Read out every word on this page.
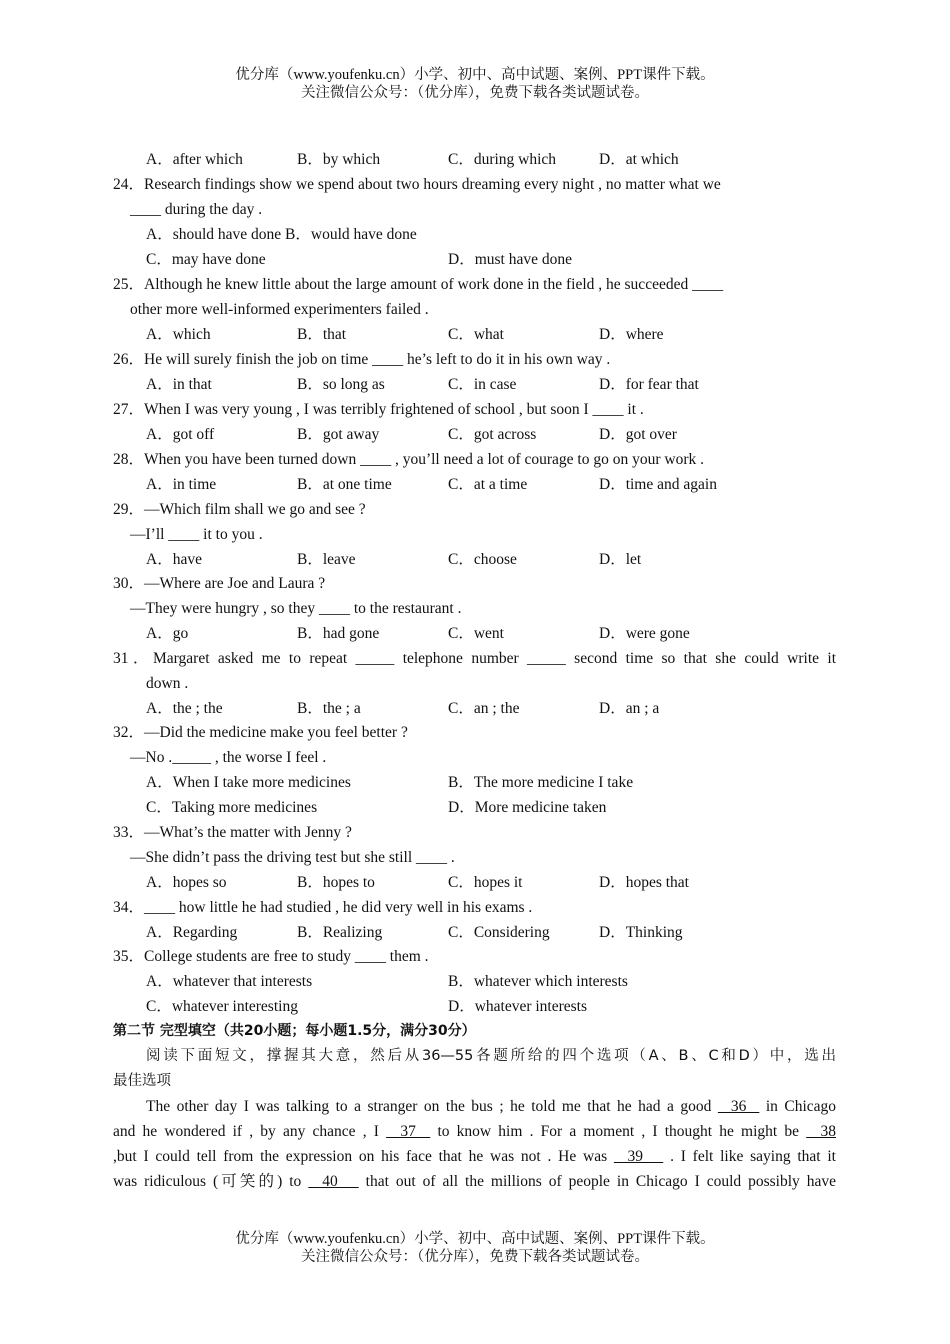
优分库（www.youfenku.cn）小学、初中、高中试题、案例、PPT课件下载。
关注微信公众号：（优分库），免费下载各类试题试卷。
A．after which	B．by which	C．during which	D．at which
24．Research findings show we spend about two hours dreaming every night , no matter what we
____ during the day .
A．should have done B．would have done
C．may have done	D．must have done
25．Although he knew little about the large amount of work done in the field , he succeeded ____
other more well-informed experimenters failed .
A．which	B．that	C．what	D．where
26．He will surely finish the job on time ____ he’s left to do it in his own way .
A．in that	B．so long as	C．in case	D．for fear that
27．When I was very young , I was terribly frightened of school , but soon I ____ it .
A．got off	B．got away	C．got across	D．got over
28．When you have been turned down ____ , you’ll need a lot of courage to go on your work .
A．in time	B．at one time	C．at a time	D．time and again
29．—Which film shall we go and see ?
—I’ll ____ it to you .
A．have	B．leave	C．choose	D．let
30．—Where are Joe and Laura ?
—They were hungry , so they ____ to the restaurant .
A．go	B．had gone	C．went	D．were gone
31．Margaret asked me to repeat _____ telephone number _____ second time so that she could write it
down .
A．the ; the	B．the ; a	C．an ; the	D．an ; a
32．—Did the medicine make you feel better ?
—No ._____ , the worse I feel .
A．When I take more medicines	B．The more medicine I take
C．Taking more medicines	D．More medicine taken
33．—What’s the matter with Jenny ?
—She didn’t pass the driving test but she still ____ .
A．hopes so	B．hopes to	C．hopes it	D．hopes that
34．____ how little he had studied , he did very well in his exams .
A．Regarding	B．Realizing	C．Considering	D．Thinking
35．College students are free to study ____ them .
A．whatever that interests	B．whatever which interests
C．whatever interesting	D．whatever interests
第二节 完型填空（共20小题；每小题1.5分，满分30分）
阅读下面短文，撑握其大意，然后从36—55各题所给的四个选项（A、B、C和D）中，选出
最佳选项
The other day I was talking to a stranger on the bus ; he told me that he had a good   36   in Chicago
and he wondered if , by any chance , I   37   to know him . For a moment , I thought he might be   38
,but I could tell from the expression on his face that he was not . He was   39    . I felt like saying that it
was ridiculous (可笑的) to   40    that out of all the millions of people in Chicago I could possibly have
优分库（www.youfenku.cn）小学、初中、高中试题、案例、PPT课件下载。
关注微信公众号：（优分库），免费下载各类试题试卷。
